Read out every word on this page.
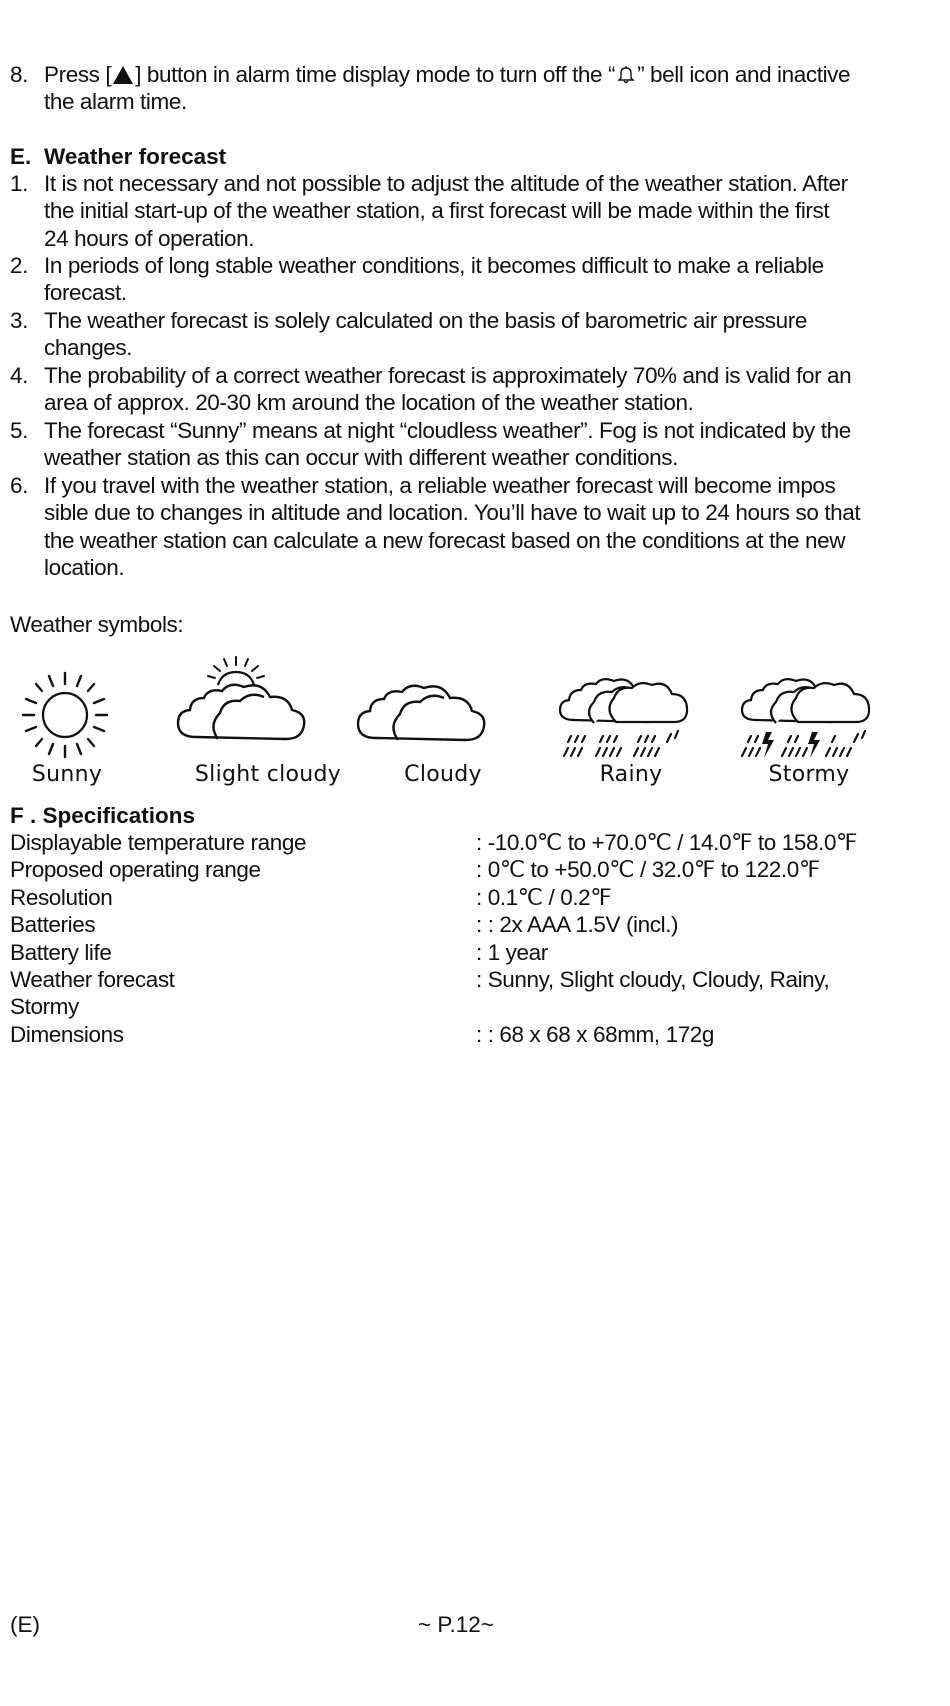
8. Press [ ] button in alarm time display mode to turn off the “ ” bell icon and inactive
the alarm time.
E. Weather forecast
1. It is not necessary and not possible to adjust the altitude of the weather station. After
the initial start-up of the weather station, a first forecast will be made within the first
24 hours of operation.
2. In periods of long stable weather conditions, it becomes difficult to make a reliable
forecast.
3. The weather forecast is solely calculated on the basis of barometric air pressure
changes.
4. The probability of a correct weather forecast is approximately 70% and is valid for an
area of approx. 20-30 km around the location of the weather station.
5. The forecast “Sunny” means at night “cloudless weather”. Fog is not indicated by the
weather station as this can occur with different weather conditions.
6. If you travel with the weather station, a reliable weather forecast will become impos
sible due to changes in altitude and location. You’ll have to wait up to 24 hours so that
the weather station can calculate a new forecast based on the conditions at the new
location.
Weather symbols:
Sunny	Slight cloudy	Cloudy	Rainy	Stormy
F . Specifications
Displayable temperature range	: -10.0℃ to +70.0℃ / 14.0℉ to 158.0℉
Proposed operating range	: 0℃ to +50.0℃ / 32.0℉ to 122.0℉
Resolution	: 0.1℃ / 0.2℉
Batteries	: : 2x AAA 1.5V (incl.)
Battery life	: 1 year
Weather forecast	: Sunny, Slight cloudy, Cloudy, Rainy,
Stormy
Dimensions	: : 68 x 68 x 68mm, 172g
(E)	~ P.12~
